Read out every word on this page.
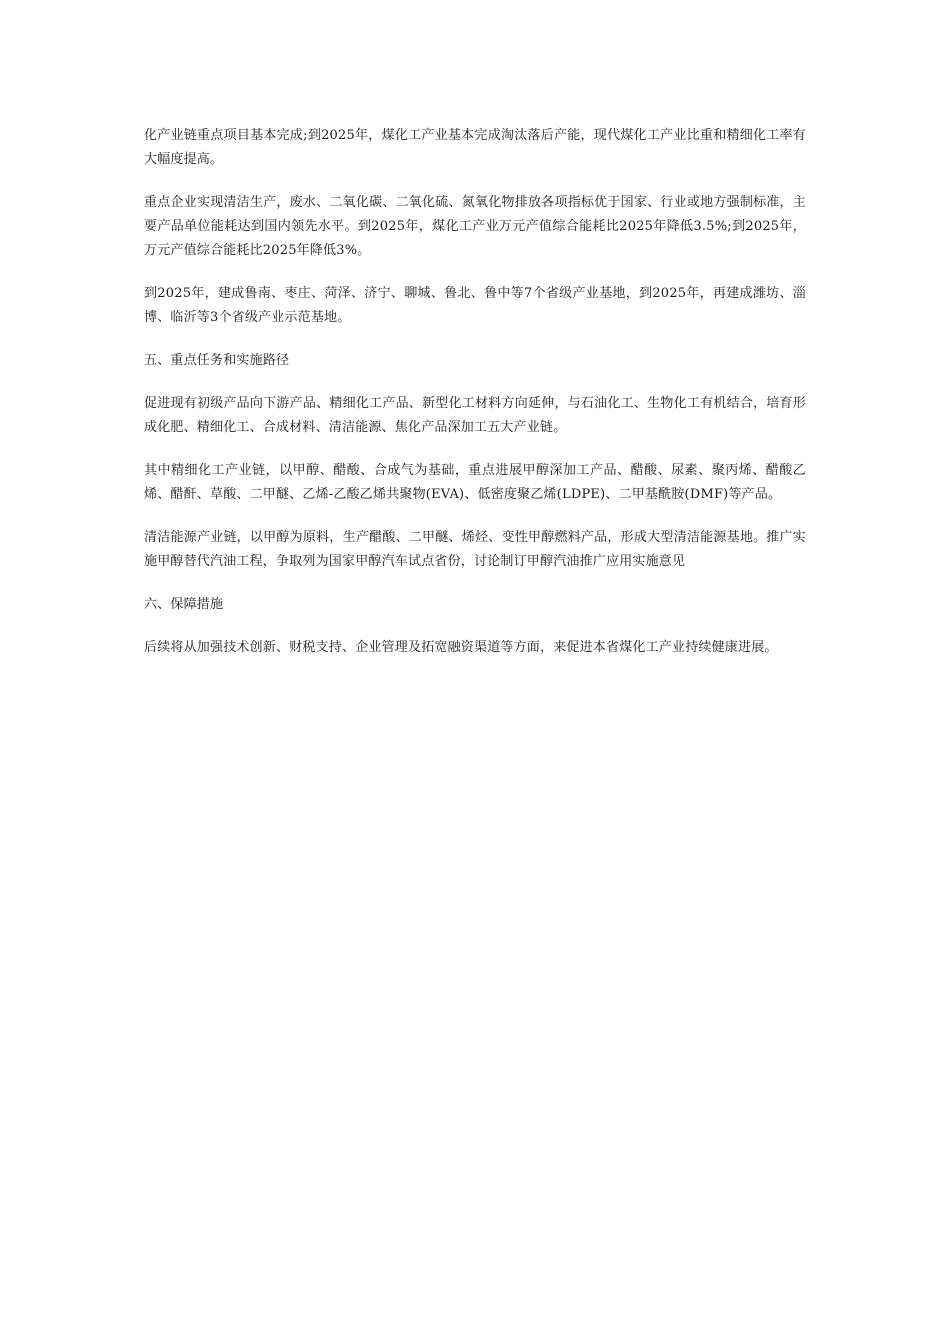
化产业链重点项目基本完成;到2025年，煤化工产业基本完成淘汰落后产能，现代煤化工产业比重和精细化工率有大幅度提高。

重点企业实现清洁生产，废水、二氧化碳、二氧化硫、氮氧化物排放各项指标优于国家、行业或地方强制标准，主要产品单位能耗达到国内领先水平。到2025年，煤化工产业万元产值综合能耗比2025年降低3.5%;到2025年，万元产值综合能耗比2025年降低3%。

到2025年，建成鲁南、枣庄、菏泽、济宁、聊城、鲁北、鲁中等7个省级产业基地，到2025年，再建成潍坊、淄博、临沂等3个省级产业示范基地。

五、重点任务和实施路径

促进现有初级产品向下游产品、精细化工产品、新型化工材料方向延伸，与石油化工、生物化工有机结合，培育形成化肥、精细化工、合成材料、清洁能源、焦化产品深加工五大产业链。

其中精细化工产业链，以甲醇、醋酸、合成气为基础，重点进展甲醇深加工产品、醋酸、尿素、聚丙烯、醋酸乙烯、醋酐、草酸、二甲醚、乙烯-乙酸乙烯共聚物(EVA)、低密度聚乙烯(LDPE)、二甲基酰胺(DMF)等产品。

清洁能源产业链，以甲醇为原料，生产醋酸、二甲醚、烯烃、变性甲醇燃料产品，形成大型清洁能源基地。推广实施甲醇替代汽油工程，争取列为国家甲醇汽车试点省份，讨论制订甲醇汽油推广应用实施意见

六、保障措施

后续将从加强技术创新、财税支持、企业管理及拓宽融资渠道等方面，来促进本省煤化工产业持续健康进展。
